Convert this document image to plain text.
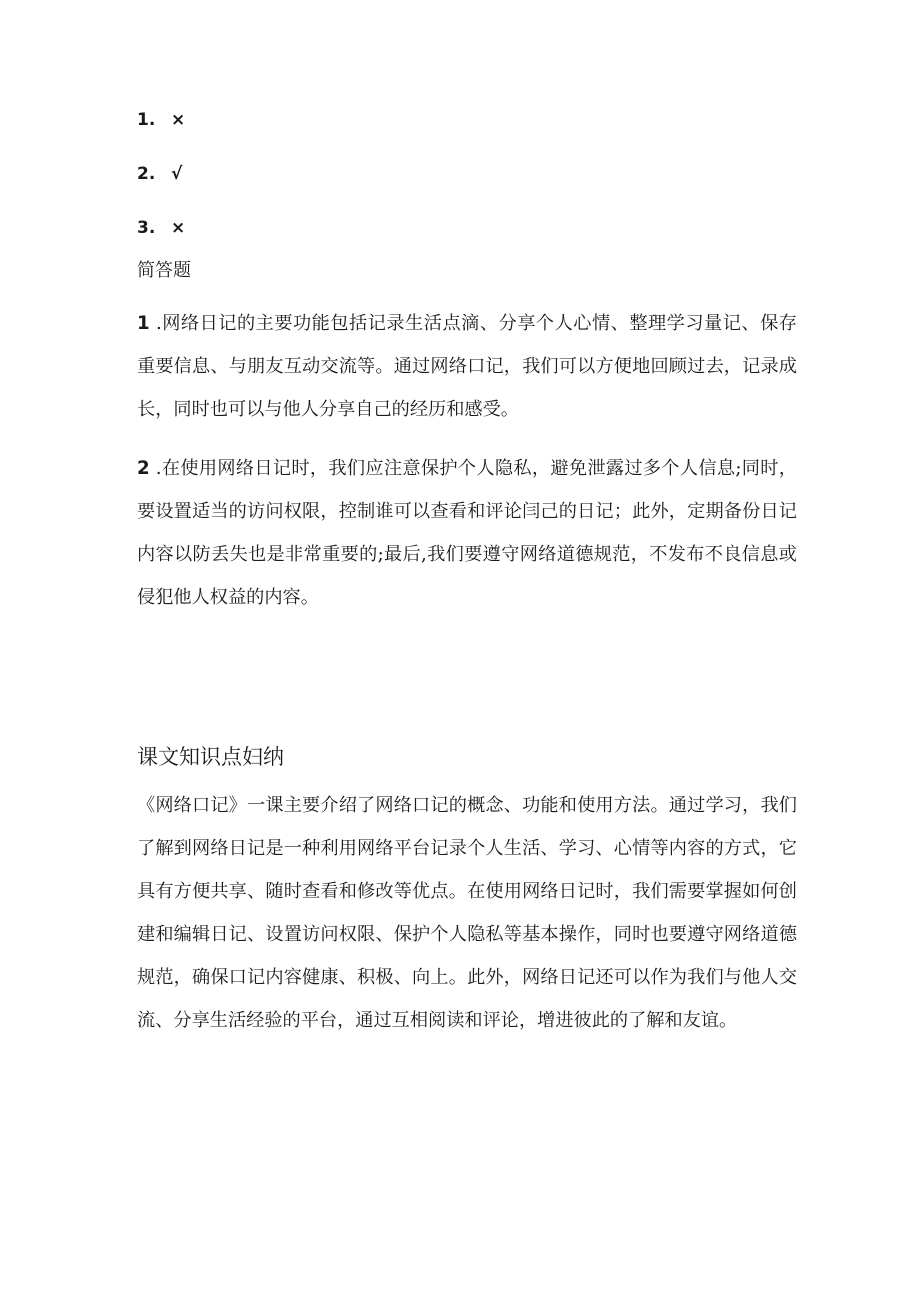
1. ×
2. √
3. ×
简答题

1 .网络日记的主要功能包括记录生活点滴、分享个人心情、整理学习量记、保存重要信息、与朋友互动交流等。通过网络口记，我们可以方便地回顾过去，记录成长，同时也可以与他人分享自己的经历和感受。

2 .在使用网络日记时，我们应注意保护个人隐私，避免泄露过多个人信息;同时，要设置适当的访问权限，控制谁可以查看和评论闫己的日记；此外，定期备份日记内容以防丢失也是非常重要的;最后,我们要遵守网络道德规范，不发布不良信息或侵犯他人权益的内容。

课文知识点妇纳

《网络口记》一课主要介绍了网络口记的概念、功能和使用方法。通过学习，我们了解到网络日记是一种利用网络平台记录个人生活、学习、心情等内容的方式，它具有方便共享、随时查看和修改等优点。在使用网络日记时，我们需要掌握如何创建和编辑日记、设置访问权限、保护个人隐私等基本操作，同时也要遵守网络道德规范，确保口记内容健康、积极、向上。此外，网络日记还可以作为我们与他人交流、分享生活经验的平台，通过互相阅读和评论，增进彼此的了解和友谊。
